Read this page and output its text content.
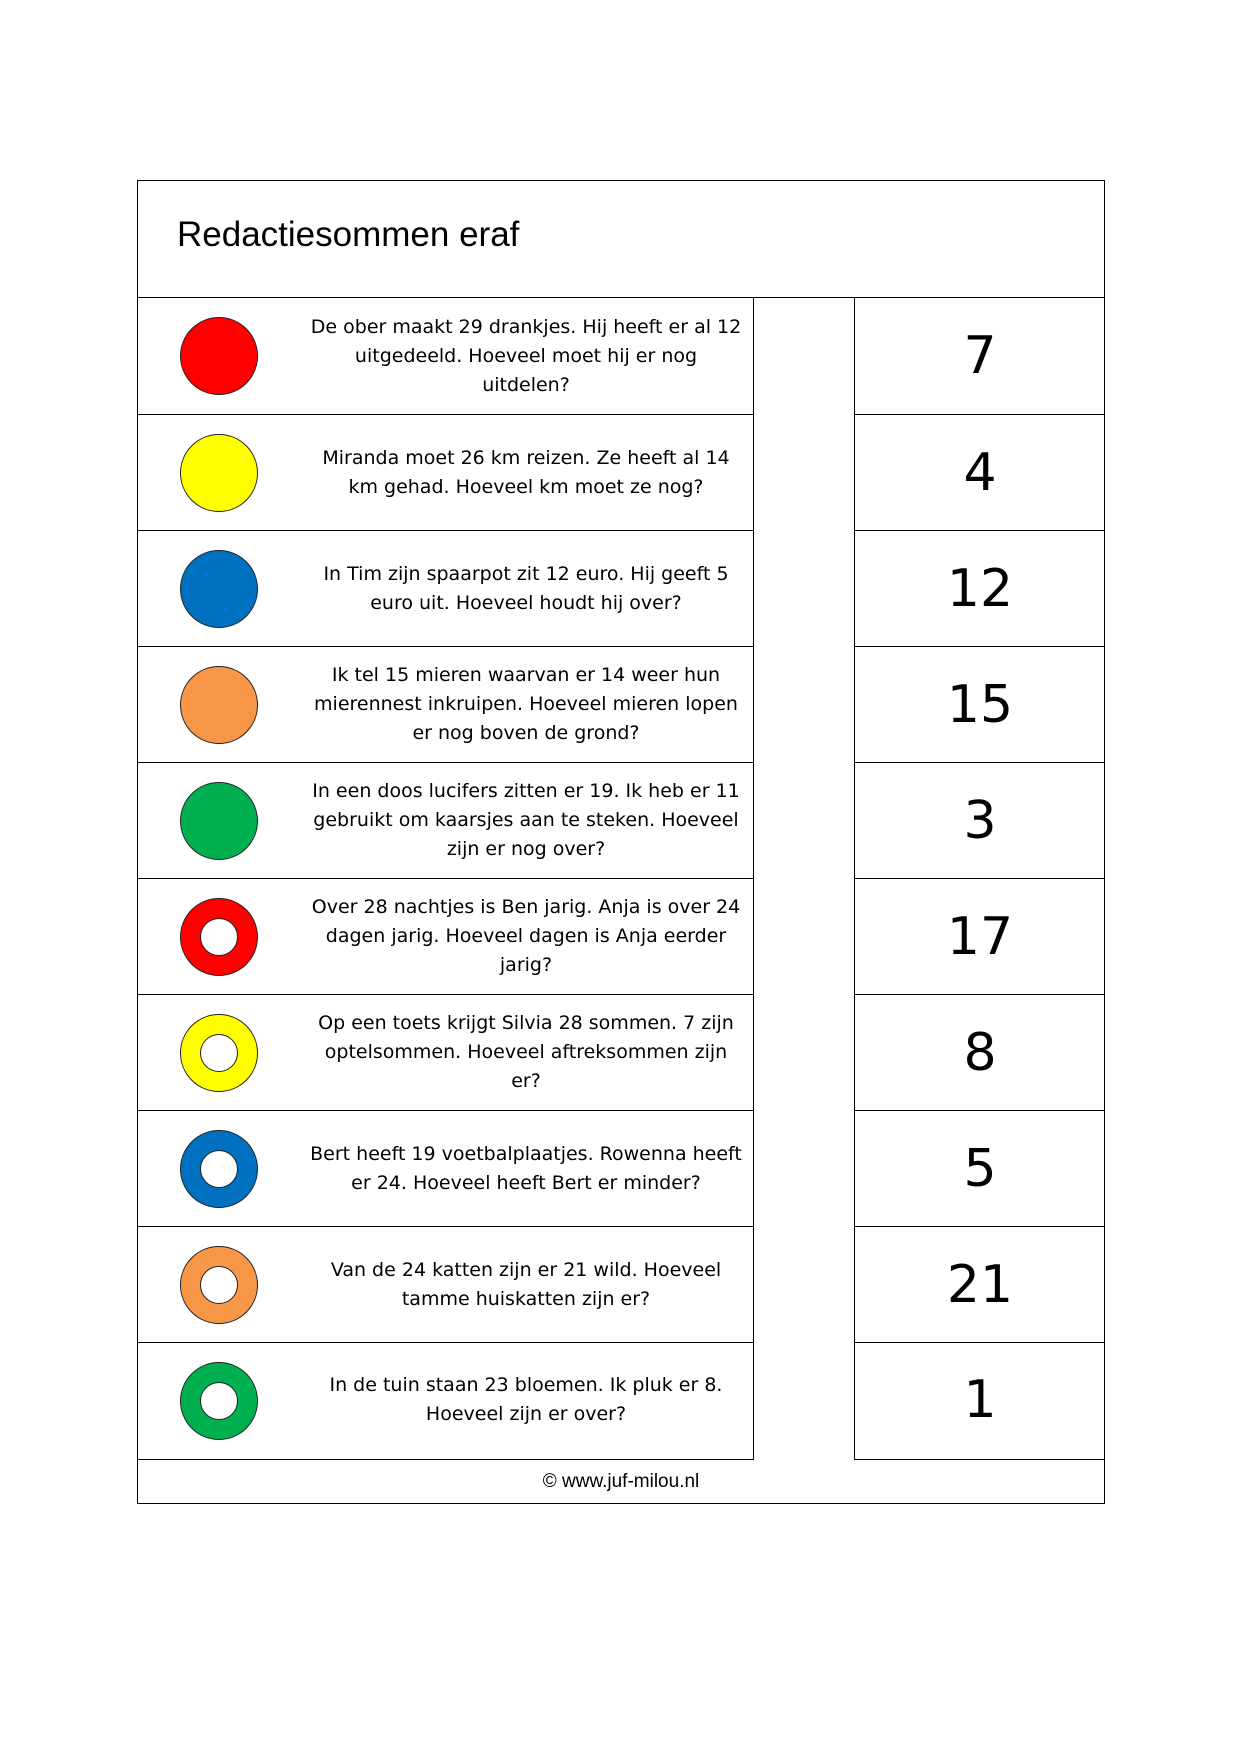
Redactiesommen eraf
De ober maakt 29 drankjes. Hij heeft er al 12 uitgedeeld. Hoeveel moet hij er nog uitdelen?
Miranda moet 26 km reizen. Ze heeft al 14 km gehad. Hoeveel km moet ze nog?
In Tim zijn spaarpot zit 12 euro. Hij geeft 5 euro uit. Hoeveel houdt hij over?
Ik tel 15 mieren waarvan er 14 weer hun mierennest inkruipen. Hoeveel mieren lopen er nog boven de grond?
In een doos lucifers zitten er 19. Ik heb er 11 gebruikt om kaarsjes aan te steken. Hoeveel zijn er nog over?
Over 28 nachtjes is Ben jarig. Anja is over 24 dagen jarig. Hoeveel dagen is Anja eerder jarig?
Op een toets krijgt Silvia 28 sommen. 7 zijn optelsommen. Hoeveel aftreksommen zijn er?
Bert heeft 19 voetbalplaatjes. Rowenna heeft er 24. Hoeveel heeft Bert er minder?
Van de 24 katten zijn er 21 wild. Hoeveel tamme huiskatten zijn er?
In de tuin staan 23 bloemen. Ik pluk er 8. Hoeveel zijn er over?
7
4
12
15
3
17
8
5
21
1
© www.juf-milou.nl
